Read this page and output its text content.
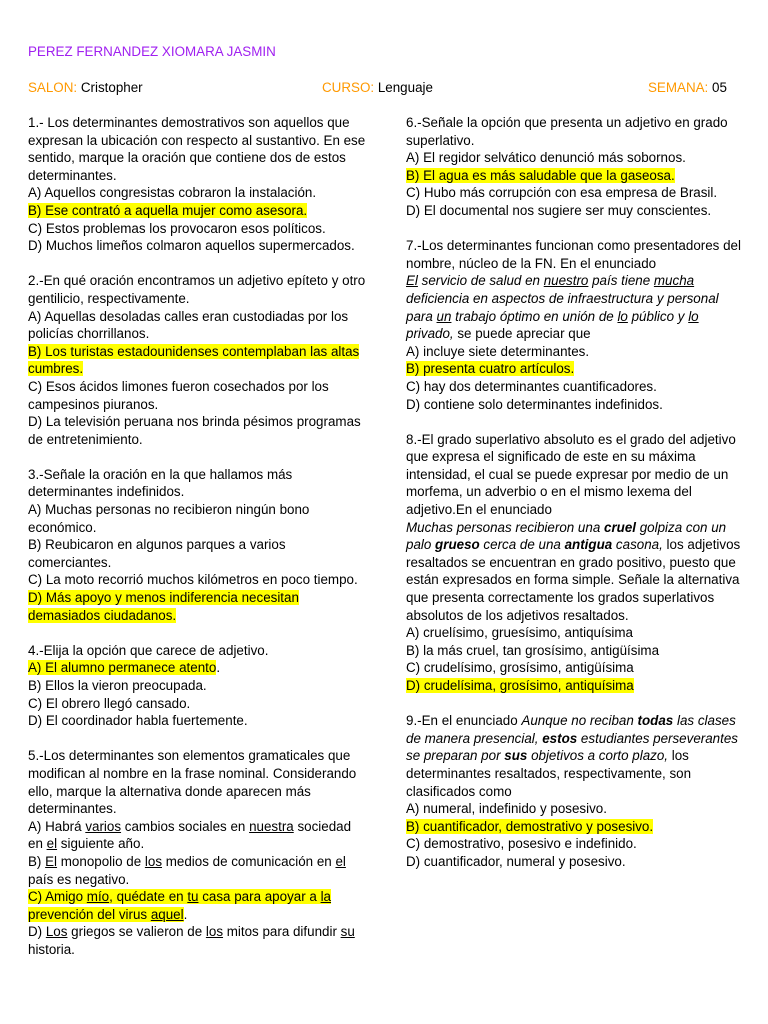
PEREZ FERNANDEZ XIOMARA JASMIN
SALON: Cristopher	CURSO: Lenguaje	SEMANA: 05

1.- Los determinantes demostrativos son aquellos que expresan la ubicación con respecto al sustantivo. En ese sentido, marque la oración que contiene dos de estos determinantes.

A) Aquellos congresistas cobraron la instalación.

B) Ese contrató a aquella mujer como asesora.

C) Estos problemas los provocaron esos políticos.

D) Muchos limeños colmaron aquellos supermercados.

2.-En qué oración encontramos un adjetivo epíteto y otro gentilicio, respectivamente.

A) Aquellas desoladas calles eran custodiadas por los policías chorrillanos.

B) Los turistas estadounidenses contemplaban las altas cumbres.

C) Esos ácidos limones fueron cosechados por los campesinos piuranos.

D) La televisión peruana nos brinda pésimos programas de entretenimiento.

3.-Señale la oración en la que hallamos más determinantes indefinidos.

A) Muchas personas no recibieron ningún bono económico.

B) Reubicaron en algunos parques a varios comerciantes.

C) La moto recorrió muchos kilómetros en poco tiempo.

D) Más apoyo y menos indiferencia necesitan demasiados ciudadanos.

4.-Elija la opción que carece de adjetivo.

A) El alumno permanece atento.

B) Ellos la vieron preocupada.

C) El obrero llegó cansado.

D) El coordinador habla fuertemente.

5.-Los determinantes son elementos gramaticales que modifican al nombre en la frase nominal. Considerando ello, marque la alternativa donde aparecen más determinantes.

A) Habrá varios cambios sociales en nuestra sociedad en el siguiente año.

B) El monopolio de los medios de comunicación en el país es negativo.

C) Amigo mío, quédate en tu casa para apoyar a la prevención del virus aquel.

D) Los griegos se valieron de los mitos para difundir su historia.

6.-Señale la opción que presenta un adjetivo en grado superlativo.

A) El regidor selvático denunció más sobornos.

B) El agua es más saludable que la gaseosa.

C) Hubo más corrupción con esa empresa de Brasil.

D) El documental nos sugiere ser muy conscientes.

7.-Los determinantes funcionan como presentadores del nombre, núcleo de la FN. En el enunciado
El servicio de salud en nuestro país tiene mucha deficiencia en aspectos de infraestructura y personal para un trabajo óptimo en unión de lo público y lo privado, se puede apreciar que

A) incluye siete determinantes.

B) presenta cuatro artículos.

C) hay dos determinantes cuantificadores.

D) contiene solo determinantes indefinidos.

8.-El grado superlativo absoluto es el grado del adjetivo que expresa el significado de este en su máxima intensidad, el cual se puede expresar por medio de un morfema, un adverbio o en el mismo lexema del adjetivo.En el enunciado
Muchas personas recibieron una cruel golpiza con un palo grueso cerca de una antigua casona, los adjetivos resaltados se encuentran en grado positivo, puesto que están expresados en forma simple. Señale la alternativa que presenta correctamente los grados superlativos absolutos de los adjetivos resaltados.

A) cruelísimo, gruesísimo, antiquísima

B) la más cruel, tan grosísimo, antigüísima

C) crudelísimo, grosísimo, antigüísima

D) crudelísima, grosísimo, antiquísima

9.-En el enunciado Aunque no reciban todas las clases de manera presencial, estos estudiantes perseverantes se preparan por sus objetivos a corto plazo, los determinantes resaltados, respectivamente, son clasificados como

A) numeral, indefinido y posesivo.

B) cuantificador, demostrativo y posesivo.

C) demostrativo, posesivo e indefinido.

D) cuantificador, numeral y posesivo.
